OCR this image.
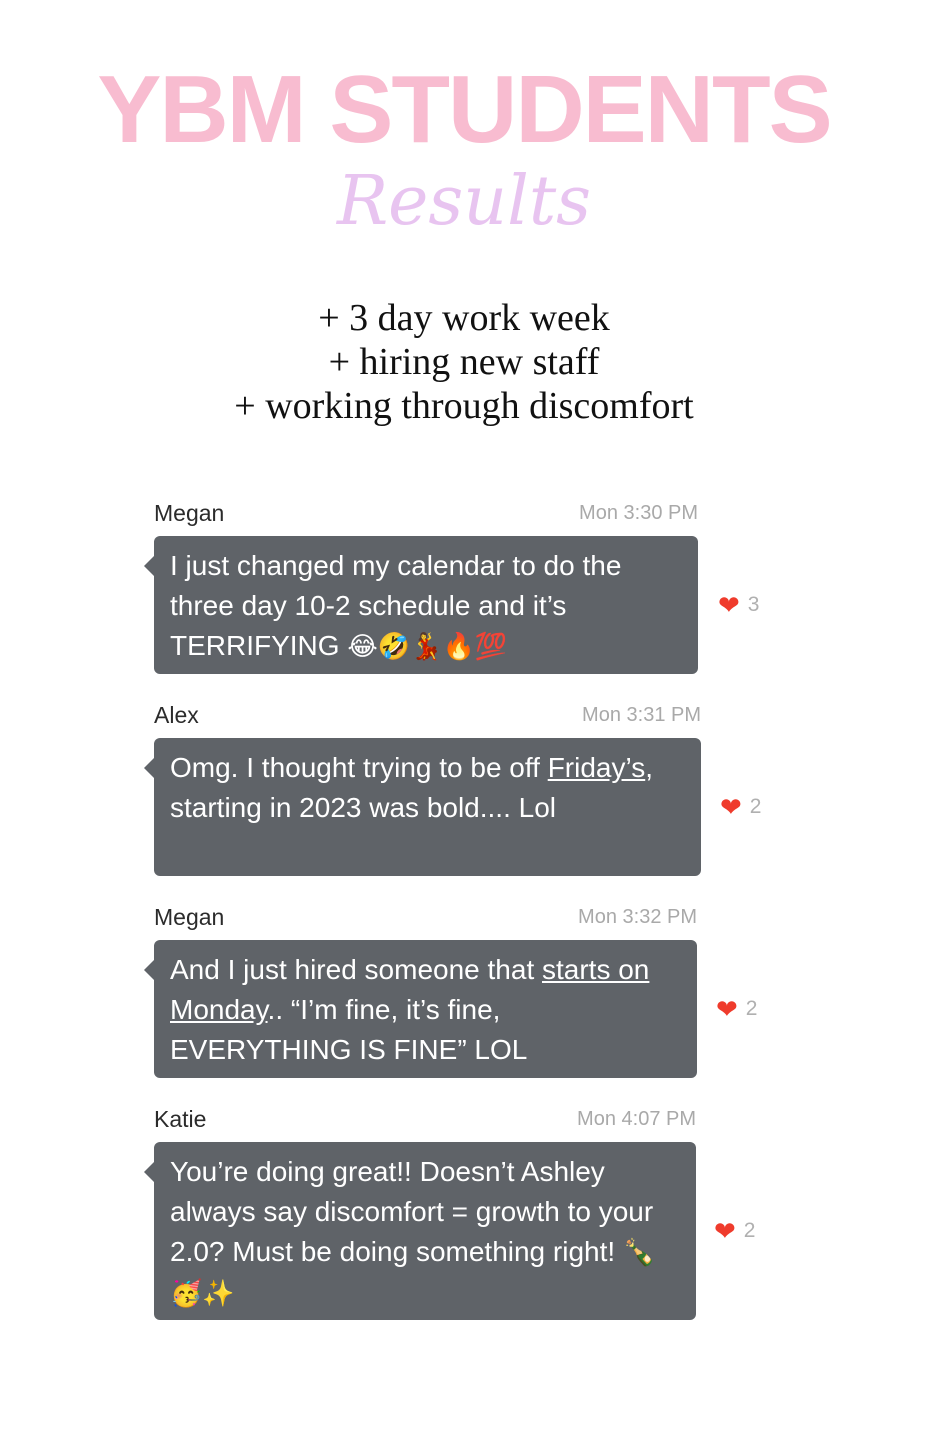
YBM STUDENTS
Results
+ 3 day work week
+ hiring new staff
+ working through discomfort
Megan	Mon 3:30 PM
I just changed my calendar to do the three day 10-2 schedule and it’s TERRIFYING 😂🤣💃🔥💯
❤ 3
Alex	Mon 3:31 PM
Omg. I thought trying to be off Friday’s, starting in 2023 was bold.... Lol	❤ 2
Megan	Mon 3:32 PM
And I just hired someone that starts on Monday.. “I’m fine, it’s fine, EVERYTHING IS FINE” LOL
❤ 2
Katie	Mon 4:07 PM
You’re doing great!! Doesn’t Ashley always say discomfort = growth to your 2.0? Must be doing something right! 🍾🥳✨
❤ 2
